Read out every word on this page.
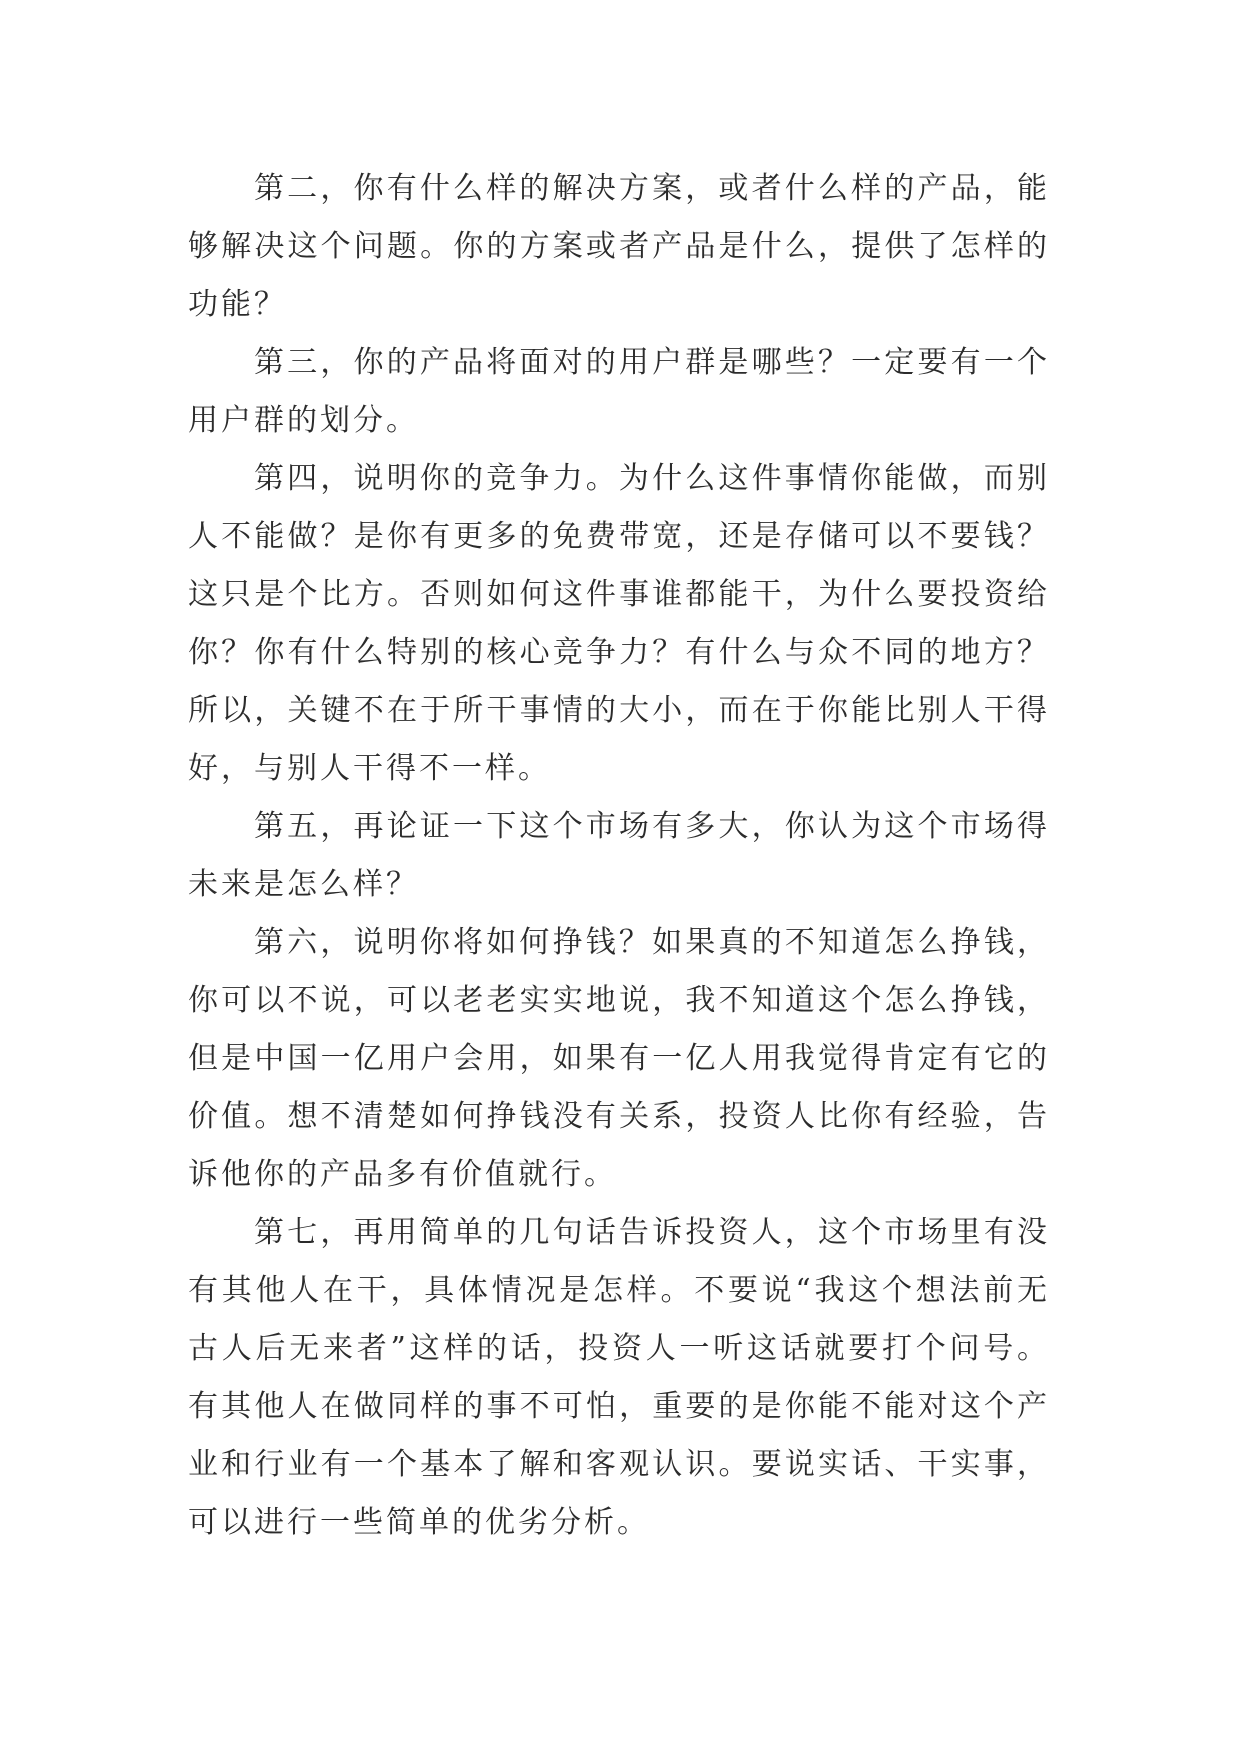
第二，你有什么样的解决方案，或者什么样的产品，能够解决这个问题。你的方案或者产品是什么，提供了怎样的功能？

第三，你的产品将面对的用户群是哪些？一定要有一个用户群的划分。

第四，说明你的竞争力。为什么这件事情你能做，而别人不能做？是你有更多的免费带宽，还是存储可以不要钱？这只是个比方。否则如何这件事谁都能干，为什么要投资给你？你有什么特别的核心竞争力？有什么与众不同的地方？所以，关键不在于所干事情的大小，而在于你能比别人干得好，与别人干得不一样。

第五，再论证一下这个市场有多大，你认为这个市场得未来是怎么样？

第六，说明你将如何挣钱？如果真的不知道怎么挣钱，你可以不说，可以老老实实地说，我不知道这个怎么挣钱，但是中国一亿用户会用，如果有一亿人用我觉得肯定有它的价值。想不清楚如何挣钱没有关系，投资人比你有经验，告诉他你的产品多有价值就行。

第七，再用简单的几句话告诉投资人，这个市场里有没有其他人在干，具体情况是怎样。不要说“我这个想法前无古人后无来者”这样的话，投资人一听这话就要打个问号。有其他人在做同样的事不可怕，重要的是你能不能对这个产业和行业有一个基本了解和客观认识。要说实话、干实事，可以进行一些简单的优劣分析。
